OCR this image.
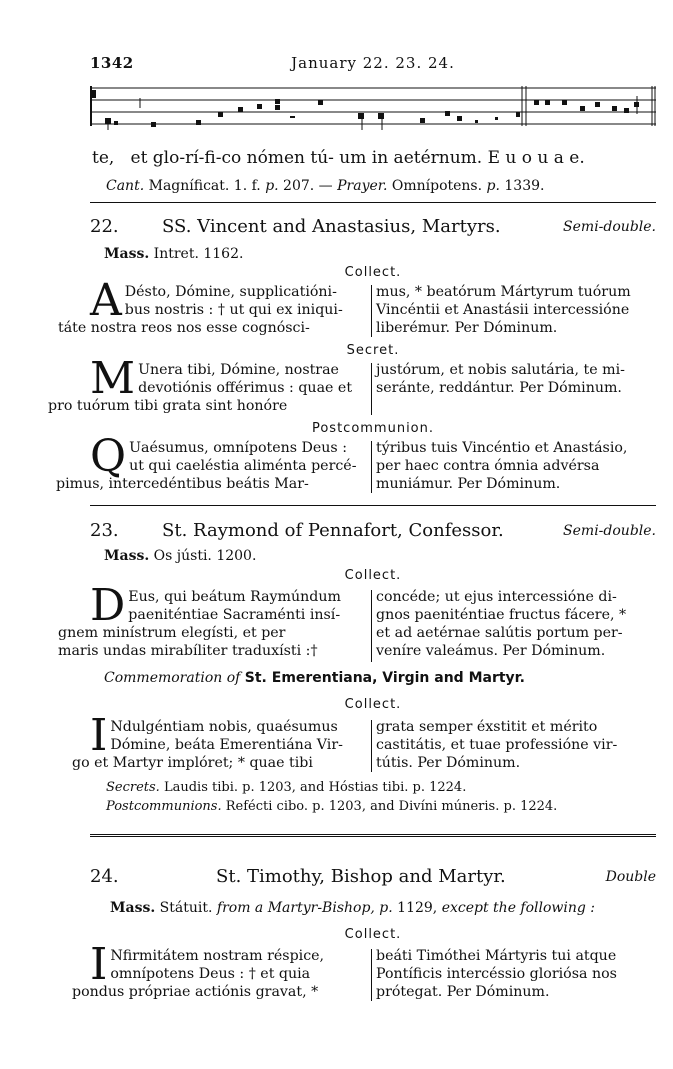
1342	January 22. 23. 24.
te,   et glo-rí-fi-co nómen tú- um in aetérnum. E u o u a e.
Cant. Magníficat. 1. f. p. 207. — Prayer. Omnípotens. p. 1339.
22. SS. Vincent and Anastasius, Martyrs.	Semi-double.
Mass. Intret. 1162.
Collect.
A Désto, Dómine, supplicatióni-
bus nostris : † ut qui ex iniqui-
táte nostra reos nos esse cognósci-
mus, * beatórum Mártyrum tuórum
Vincéntii et Anastásii intercessióne
liberémur. Per Dóminum.
Secret.
M Unera tibi, Dómine, nostrae
devotiónis offérimus : quae et
pro tuórum tibi grata sint honóre
justórum, et nobis salutária, te mi-
seránte, reddántur. Per Dóminum.
Postcommunion.
Q Uaésumus, omnípotens Deus :
ut qui caeléstia aliménta percé-
pimus, intercedéntibus beátis Mar-
týribus tuis Vincéntio et Anastásio,
per haec contra ómnia advérsa
muniámur. Per Dóminum.
23. St. Raymond of Pennafort, Confessor.	Semi-double.
Mass. Os jústi. 1200.
Collect.
D Eus, qui beátum Raymúndum
paeniténtiae Sacraménti insí-
gnem minístrum elegísti, et per
maris undas mirabíliter traduxísti :†
concéde; ut ejus intercessióne di-
gnos paeniténtiae fructus fácere, *
et ad aetérnae salútis portum per-
veníre valeámus. Per Dóminum.
Commemoration of St. Emerentiana, Virgin and Martyr.
Collect.
I Ndulgéntiam nobis, quaésumus
Dómine, beáta Emerentiána Vir-
go et Martyr implóret; * quae tibi
grata semper éxstitit et mérito
castitátis, et tuae professióne vir-
tútis. Per Dóminum.
Secrets. Laudis tibi. p. 1203, and Hóstias tibi. p. 1224.
Postcommunions. Refécti cibo. p. 1203, and Divíni múneris. p. 1224.
24.	St. Timothy, Bishop and Martyr.	Double
Mass. Státuit. from a Martyr-Bishop, p. 1129, except the following :
Collect.
I Nfirmitátem nostram réspice,
omnípotens Deus : † et quia
pondus própriae actiónis gravat, *
beáti Timóthei Mártyris tui atque
Pontíficis intercéssio gloriósa nos
prótegat. Per Dóminum.
